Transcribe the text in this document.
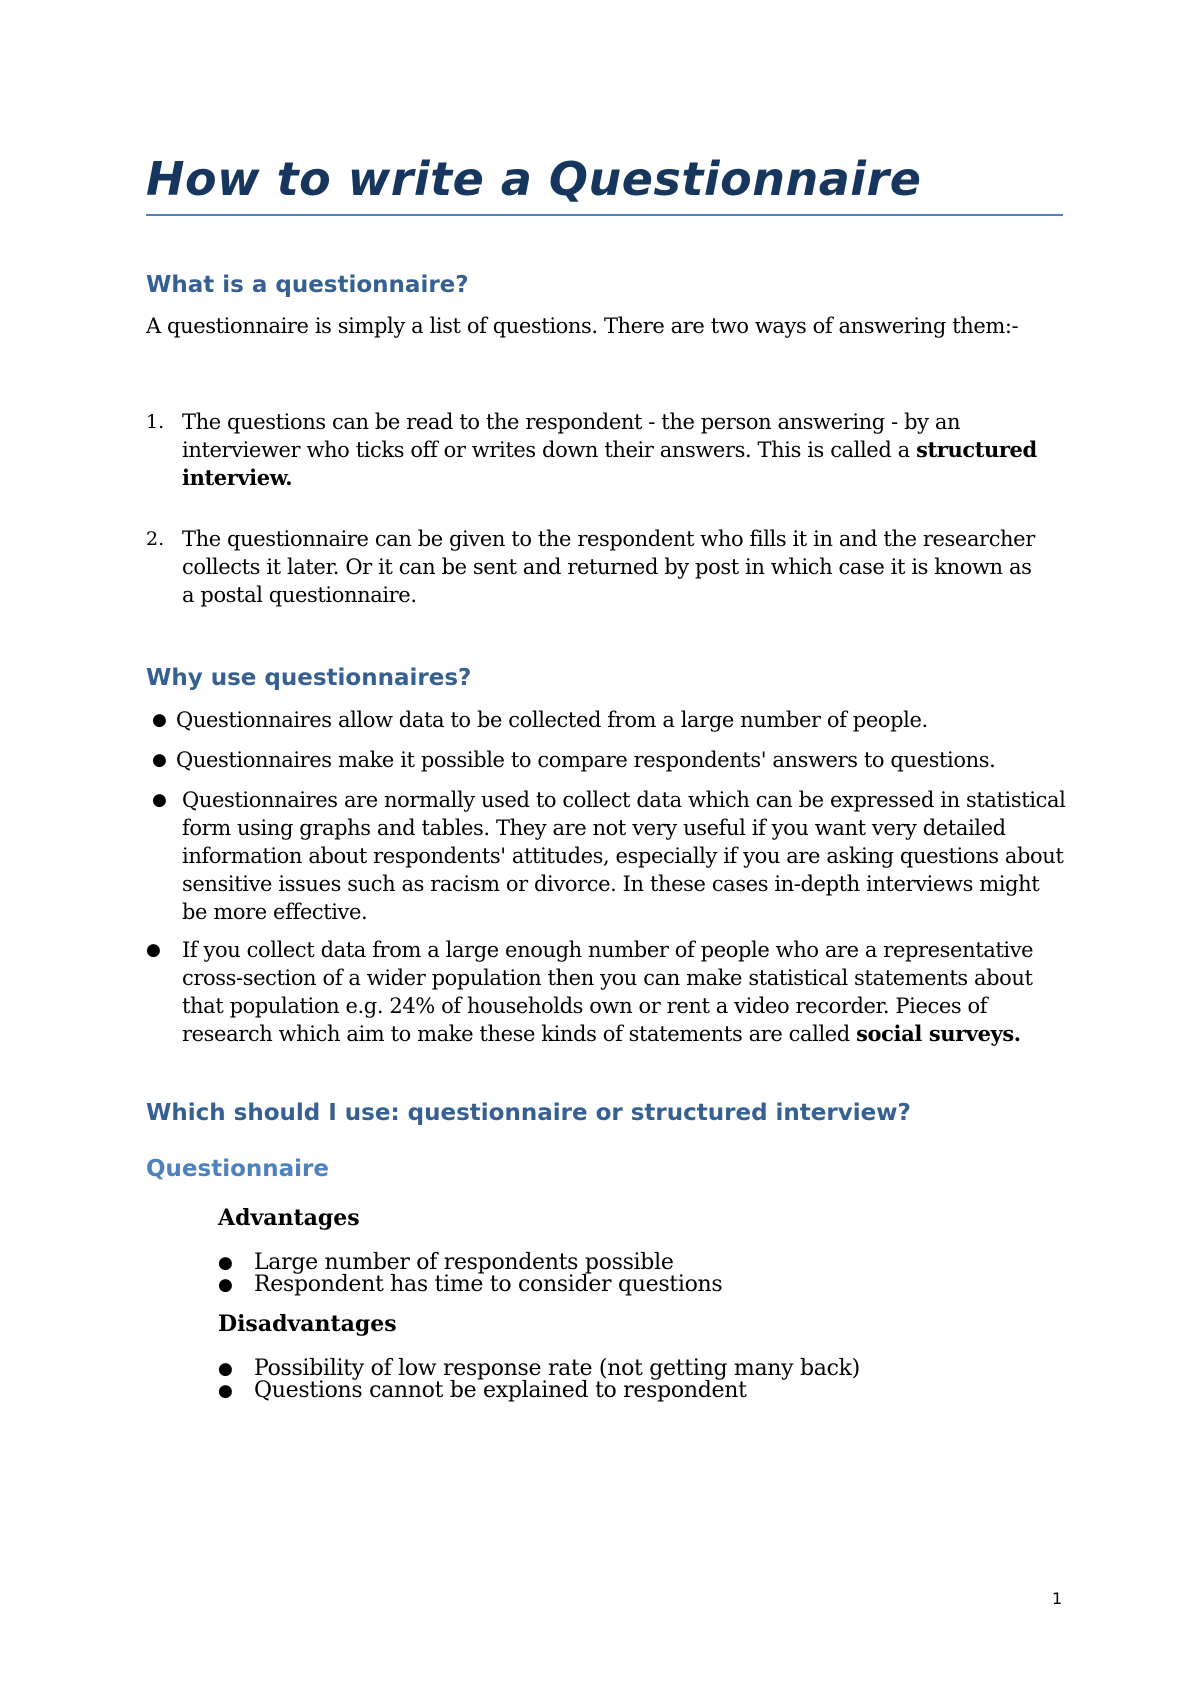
How to write a Questionnaire
What is a questionnaire?

A questionnaire is simply a list of questions. There are two ways of answering them:-

1. The questions can be read to the respondent - the person answering - by an interviewer who ticks off or writes down their answers. This is called a structured interview.

2. The questionnaire can be given to the respondent who fills it in and the researcher collects it later. Or it can be sent and returned by post in which case it is known as a postal questionnaire.

Why use questionnaires?
● Questionnaires allow data to be collected from a large number of people.

● Questionnaires make it possible to compare respondents' answers to questions.

● Questionnaires are normally used to collect data which can be expressed in statistical form using graphs and tables. They are not very useful if you want very detailed information about respondents' attitudes, especially if you are asking questions about sensitive issues such as racism or divorce. In these cases in-depth interviews might be more effective.

● If you collect data from a large enough number of people who are a representative cross-section of a wider population then you can make statistical statements about that population e.g. 24% of households own or rent a video recorder. Pieces of research which aim to make these kinds of statements are called social surveys.

Which should I use: questionnaire or structured interview?
Questionnaire

Advantages

● Large number of respondents possible
● Respondent has time to consider questions

Disadvantages

● Possibility of low response rate (not getting many back)
● Questions cannot be explained to respondent
1
